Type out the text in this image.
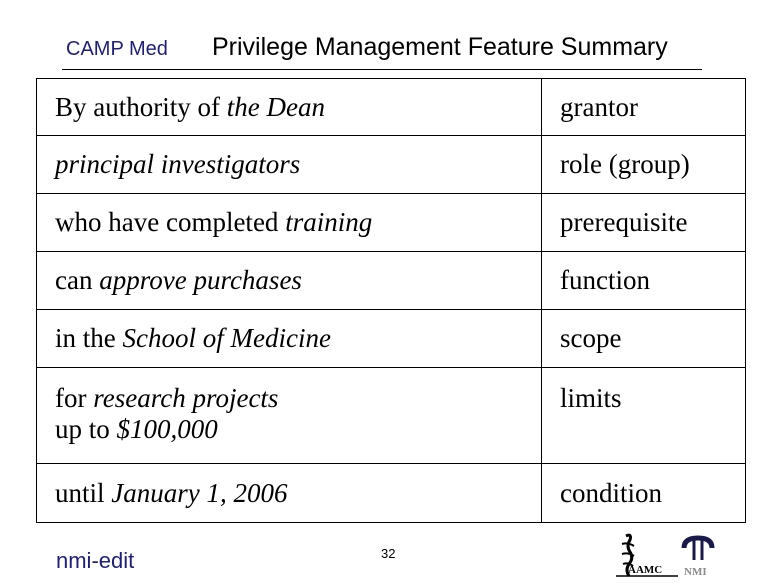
CAMP Med Privilege Management Feature Summary
By authority of the Dean	grantor
principal investigators	role (group)
who have completed training	prerequisite
can approve purchases	function
in the School of Medicine	scope
for research projects
up to $100,000	limits
until January 1, 2006	condition
nmi-edit	32
AAMC NMI
